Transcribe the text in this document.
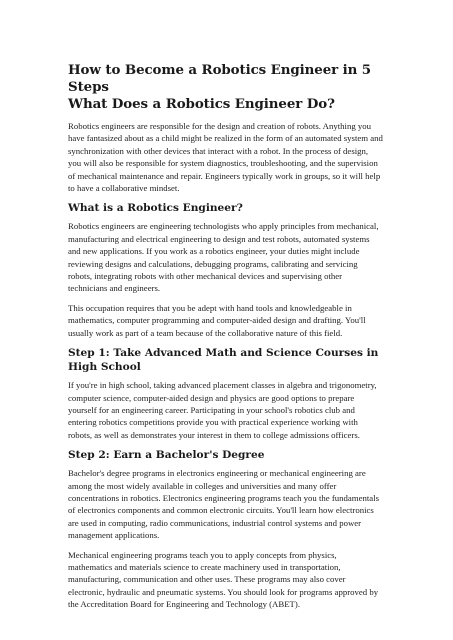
How to Become a Robotics Engineer in 5 Steps
What Does a Robotics Engineer Do?

Robotics engineers are responsible for the design and creation of robots. Anything you have fantasized about as a child might be realized in the form of an automated system and synchronization with other devices that interact with a robot. In the process of design, you will also be responsible for system diagnostics, troubleshooting, and the supervision of mechanical maintenance and repair. Engineers typically work in groups, so it will help to have a collaborative mindset.

What is a Robotics Engineer?

Robotics engineers are engineering technologists who apply principles from mechanical, manufacturing and electrical engineering to design and test robots, automated systems and new applications. If you work as a robotics engineer, your duties might include reviewing designs and calculations, debugging programs, calibrating and servicing robots, integrating robots with other mechanical devices and supervising other technicians and engineers.

This occupation requires that you be adept with hand tools and knowledgeable in mathematics, computer programming and computer-aided design and drafting. You'll usually work as part of a team because of the collaborative nature of this field.

Step 1: Take Advanced Math and Science Courses in High School

If you're in high school, taking advanced placement classes in algebra and trigonometry, computer science, computer-aided design and physics are good options to prepare yourself for an engineering career. Participating in your school's robotics club and entering robotics competitions provide you with practical experience working with robots, as well as demonstrates your interest in them to college admissions officers.

Step 2: Earn a Bachelor's Degree

Bachelor's degree programs in electronics engineering or mechanical engineering are among the most widely available in colleges and universities and many offer concentrations in robotics. Electronics engineering programs teach you the fundamentals of electronics components and common electronic circuits. You'll learn how electronics are used in computing, radio communications, industrial control systems and power management applications.

Mechanical engineering programs teach you to apply concepts from physics, mathematics and materials science to create machinery used in transportation, manufacturing, communication and other uses. These programs may also cover electronic, hydraulic and pneumatic systems. You should look for programs approved by the Accreditation Board for Engineering and Technology (ABET).
